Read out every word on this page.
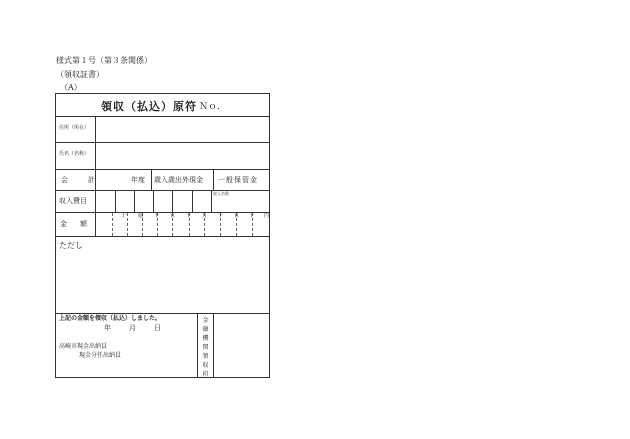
様式第１号（第３条関係）
（領収証書）
（A）
領収（払込）原符 Ｎｏ．
住所（所在）
氏名（名称）
会　　計	年度 歳入歳出外現金 一般保管金
収入費目
収入名称
金　額
十 億 千 百 十 万 千 百 十 円
ただし
上記の金額を領収（払込）しました。
年	月	日
高崎市現金出納員
現金分任出納員
金
融
機
関
領
収
印
